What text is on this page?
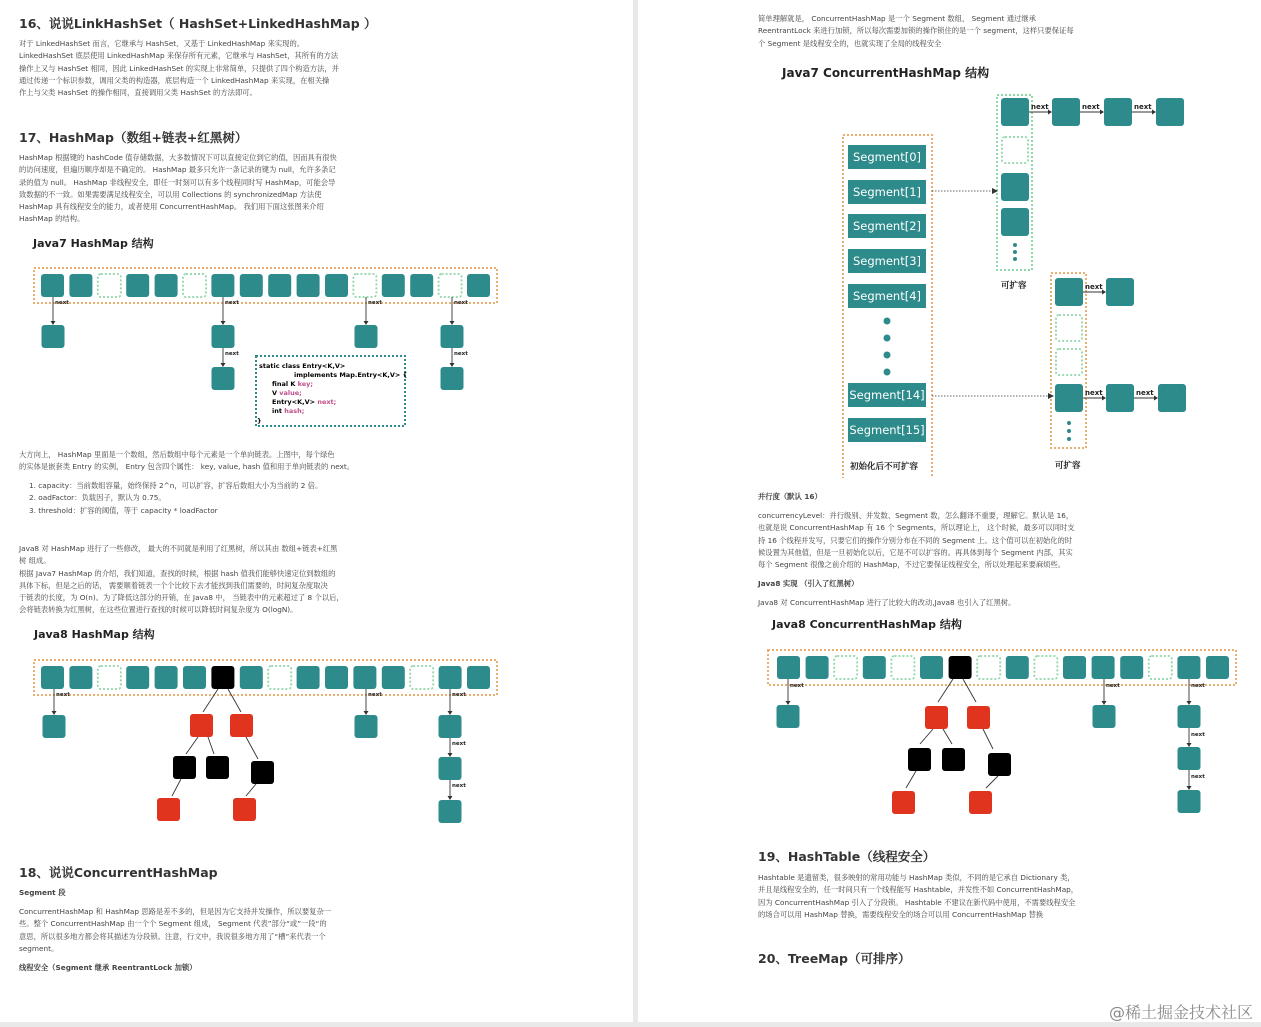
16、说说LinkHashSet（ HashSet+LinkedHashMap ）
对于 LinkedHashSet 而言，它继承与 HashSet、又基于 LinkedHashMap 来实现的。
LinkedHashSet 底层使用 LinkedHashMap 来保存所有元素，它继承与 HashSet，其所有的方法
操作上又与 HashSet 相同，因此 LinkedHashSet 的实现上非常简单，只提供了四个构造方法，并
通过传递一个标识参数，调用父类的构造器，底层构造一个 LinkedHashMap 来实现，在相关操
作上与父类 HashSet 的操作相同，直接调用父类 HashSet 的方法即可。
17、HashMap（数组+链表+红黑树）
HashMap 根据键的 hashCode 值存储数据，大多数情况下可以直接定位到它的值，因而具有很快
的访问速度，但遍历顺序却是不确定的。 HashMap 最多只允许一条记录的键为 null，允许多条记
录的值为 null。 HashMap 非线程安全，即任一时刻可以有多个线程同时写 HashMap，可能会导
致数据的不一致。如果需要满足线程安全，可以用 Collections 的 synchronizedMap 方法使
HashMap 具有线程安全的能力，或者使用 ConcurrentHashMap。 我们用下面这张图来介绍
HashMap 的结构。
Java7 HashMap 结构
next	next
next
next	next
next
static class Entry<K,V>
implements Map.Entry<K,V> {
final K key;
V value;
Entry<K,V> next;
int hash;
}
大方向上， HashMap 里面是一个数组，然后数组中每个元素是一个单向链表。上图中，每个绿色
的实体是嵌套类 Entry 的实例， Entry 包含四个属性： key, value, hash 值和用于单向链表的 next。
1. capacity：当前数组容量，始终保持 2^n，可以扩容，扩容后数组大小为当前的 2 倍。
2. oadFactor：负载因子，默认为 0.75。
3. threshold：扩容的阈值，等于 capacity * loadFactor
Java8 对 HashMap 进行了一些修改， 最大的不同就是利用了红黑树，所以其由 数组+链表+红黑
树 组成。
根据 Java7 HashMap 的介绍，我们知道，查找的时候，根据 hash 值我们能够快速定位到数组的
具体下标，但是之后的话， 需要顺着链表一个个比较下去才能找到我们需要的，时间复杂度取决
于链表的长度，为 O(n)。为了降低这部分的开销，在 Java8 中， 当链表中的元素超过了 8 个以后，
会将链表转换为红黑树，在这些位置进行查找的时候可以降低时间复杂度为 O(logN)。
Java8 HashMap 结构
next	next	next
next
next
18、说说ConcurrentHashMap
Segment 段
ConcurrentHashMap 和 HashMap 思路是差不多的，但是因为它支持并发操作，所以要复杂一
些。整个 ConcurrentHashMap 由一个个 Segment 组成， Segment 代表”部分“或”一段“的
意思，所以很多地方都会将其描述为分段锁。注意，行文中，我说很多地方用了“槽”来代表一个
segment。
线程安全（Segment 继承 ReentrantLock 加锁）
简单理解就是， ConcurrentHashMap 是一个 Segment 数组， Segment 通过继承
ReentrantLock 来进行加锁，所以每次需要加锁的操作锁住的是一个 segment，这样只要保证每
个 Segment 是线程安全的，也就实现了全局的线程安全
Java7 ConcurrentHashMap 结构
Segment[0]
Segment[1]
Segment[2]
Segment[3]
Segment[4]
Segment[14]
Segment[15]
初始化后不可扩容
next	next	next
可扩容	next
next	next
可扩容
并行度（默认 16）
concurrencyLevel：并行级别、并发数、Segment 数，怎么翻译不重要，理解它。默认是 16，
也就是说 ConcurrentHashMap 有 16 个 Segments，所以理论上， 这个时候，最多可以同时支
持 16 个线程并发写，只要它们的操作分别分布在不同的 Segment 上。这个值可以在初始化的时
候设置为其他值，但是一旦初始化以后，它是不可以扩容的。再具体到每个 Segment 内部，其实
每个 Segment 很像之前介绍的 HashMap，不过它要保证线程安全，所以处理起来要麻烦些。
Java8 实现 （引入了红黑树）
Java8 对 ConcurrentHashMap 进行了比较大的改动,Java8 也引入了红黑树。
Java8 ConcurrentHashMap 结构
next	next	next
next
next
19、HashTable（线程安全）
Hashtable 是遗留类，很多映射的常用功能与 HashMap 类似，不同的是它承自 Dictionary 类，
并且是线程安全的，任一时间只有一个线程能写 Hashtable，并发性不如 ConcurrentHashMap，
因为 ConcurrentHashMap 引入了分段锁。 Hashtable 不建议在新代码中使用，不需要线程安全
的场合可以用 HashMap 替换，需要线程安全的场合可以用 ConcurrentHashMap 替换
20、TreeMap（可排序）
@稀土掘金技术社区
